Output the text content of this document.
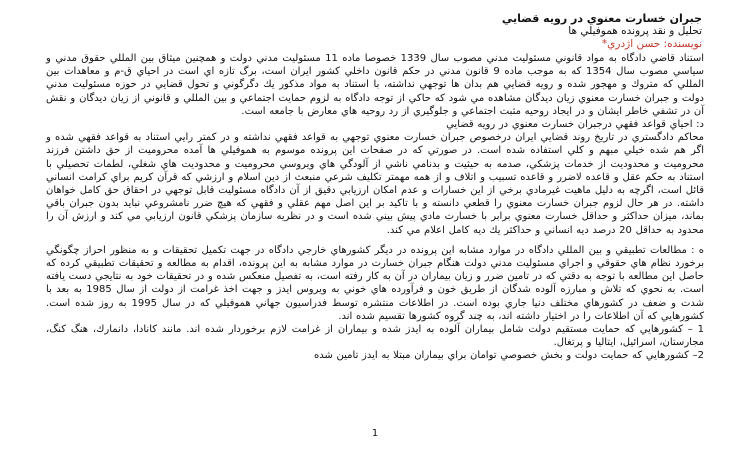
جبران خسارت معنوي در رويه قضايي

تحليل و نقد پرونده هموفيلي ها

نويسنده: حسن اژدري*

استناد قاضي دادگاه به مواد قانوني مسئوليت مدني مصوب سال 1339 خصوصا ماده 11 مسئوليت مدني دولت و همچنين ميثاق بين المللي حقوق مدني و سياسي مصوب سال 1354 كه به موجب ماده 9 قانون مدني در حكم قانون داخلي كشور ايران است، برگ تازه اي است در احياي ق-م و معاهدات بين المللي كه متروك و مهجور شده و رويه قضايي هم بدان ها توجهي نداشته، با استناد به مواد مذكور يك دگرگوني و تحول قضايي در حوزه مسئوليت مدني دولت و جبران خسارت معنوي زيان ديدگان مشاهده مي شود كه حاكي از توجه دادگاه به لزوم حمايت اجتماعي و بين المللي و قانوني از زيان ديدگان و نقش آن در تشفي خاطر ايشان و در ايجاد روحيه مثبت اجتماعي و جلوگيري از رد روحيه هاي معارض با جامعه است.

د: احياي قواعد فقهي درجبران خسارت معنوي در رويه قضايي

محاكم دادگستري در تاريخ روند قضايي ايران درخصوص جبران خسارت معنوي توجهي به قواعد فقهي نداشته و در كمتر رايي استناد به قواعد فقهي شده و اگر هم شده خيلي مبهم و كلي استفاده شده است. در صورتي كه در صفحات اين پرونده موسوم به هموفيلي ها آمده محروميت از حق داشتن فرزند محروميت و محدوديت از خدمات پزشكي، صدمه به حيثيت و بدنامي ناشي از آلودگي هاي ويروسي محروميت و محدوديت هاي شغلي، لطمات تحصيلي با استناد به حكم عقل و قاعده لاضرر و قاعده تسبيب و اتلاف و از همه مهمتر تكليف شرعي منبعث از دين اسلام و ارزشي كه قرآن كريم براي كرامت انساني قائل است، اگرچه به دليل ماهيت غيرمادي برخي از اين خسارات و عدم امكان ارزيابي دقيق از آن دادگاه مسئوليت قابل توجهي در احقاق حق كامل خواهان داشته. در هر حال لزوم جبران خسارت معنوي را قطعي دانسته و با تاكيد بر اين اصل مهم عقلي و فقهي كه هيچ ضرر نامشروعي نبايد بدون جبران باقي بماند، ميزان حداكثر و حداقل خسارت معنوي برابر با خسارت مادي پيش بيني شده است و در نظريه سازمان پزشكي قانون ارزيابي مي كند و ارزش آن را محدود به حداقل 20 درصد ديه انساني و حداكثر يك ديه كامل اعلام مي كند.

ه : مطالعات تطبيقي و بين المللي دادگاه در موارد مشابه اين پرونده در ديگر كشورهاي خارجي دادگاه در جهت تكميل تحقيقات و به منظور احراز چگونگي برخورد نظام هاي حقوقي و اجراي مسئوليت مدني دولت هنگام جبران خسارت در موارد مشابه به اين پرونده، اقدام به مطالعه و تحقيقات تطبيقي كرده كه حاصل اين مطالعه با توجه به دقتي كه در تامين ضرر و زيان بيماران در آن به كار رفته است، به تفصيل منعكس شده و در تحقيقات خود به نتايجي دست يافته است. به نحوي كه تلاش و مبارزه آلوده شدگان از طريق خون و فرآورده هاي خوني به ويروس ايدز و جهت اخذ غرامت از دولت از سال 1985 به بعد با شدت و ضعف در كشورهاي مختلف دنيا جاري بوده است. در اطلاعات منتشره توسط فدراسيون جهاني هموفيلي كه در سال 1995 به روز شده است. كشورهايي كه آن اطلاعات را در اختيار داشته اند، به چند گروه كشورها تقسيم شده اند.

1 – كشورهايي كه حمايت مستقيم دولت شامل بيماران آلوده به ايدز شده و بيماران از غرامت لازم برخوردار شده اند. مانند كانادا، دانمارك، هنگ كنگ، مجارستان، اسرائيل، ايتاليا و پرتغال.

2– كشورهايي كه حمايت دولت و بخش خصوصي توامان براي بيماران مبتلا به ايدز تامين شده

1
